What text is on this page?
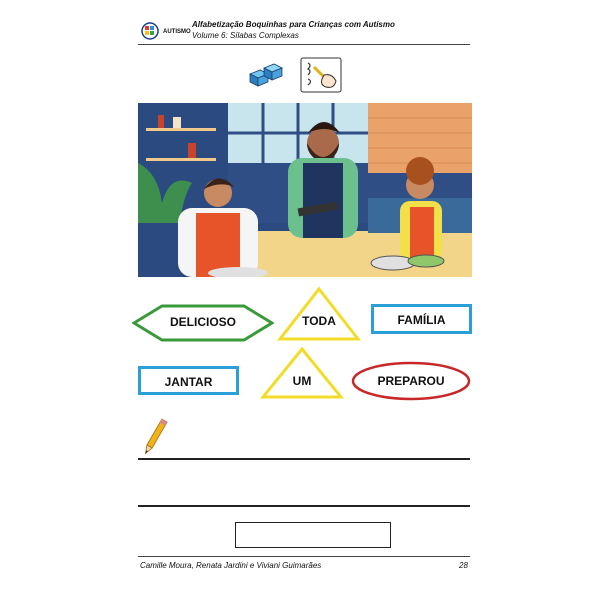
AUTISMO
Alfabetização Boquinhas para Crianças com Autismo
Volume 6: Sílabas Complexas
DELICIOSO	TODA	FAMÍLIA
JANTAR	UM	PREPAROU
Camille Moura, Renata Jardini e Viviani Guimarães	28
